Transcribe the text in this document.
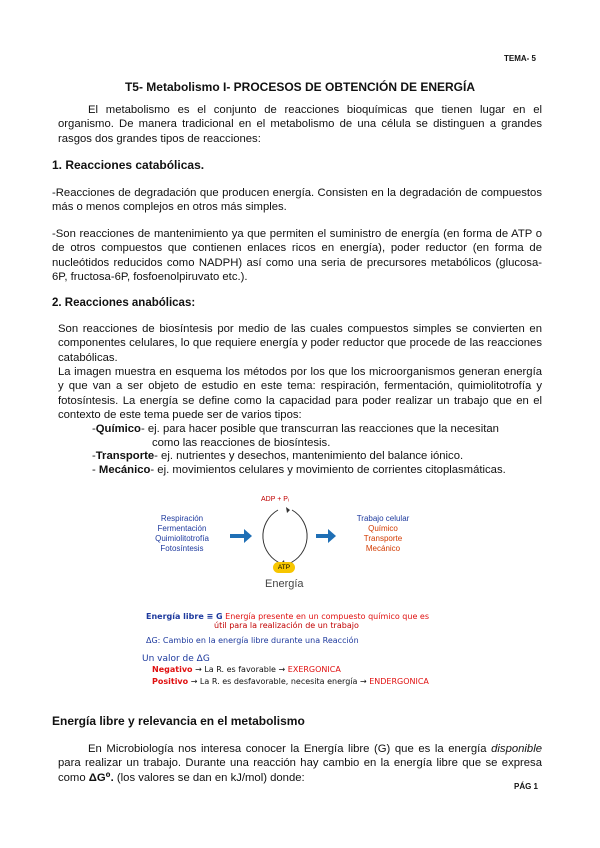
TEMA- 5
T5- Metabolismo I- PROCESOS DE OBTENCIÓN DE ENERGÍA
El metabolismo es el conjunto de reacciones bioquímicas que tienen lugar en el organismo. De manera tradicional en el metabolismo de una célula se distinguen a grandes rasgos dos grandes tipos de reacciones:
1. Reacciones catabólicas.
-Reacciones de degradación que producen energía. Consisten en la degradación de compuestos más o menos complejos en otros más simples.
-Son reacciones de mantenimiento ya que permiten el suministro de energía (en forma de ATP o de otros compuestos que contienen enlaces ricos en energía), poder reductor (en forma de nucleótidos reducidos como NADPH) así como una seria de precursores metabólicos (glucosa-6P, fructosa-6P, fosfoenolpiruvato etc.).
2. Reacciones anabólicas:
Son reacciones de biosíntesis por medio de las cuales compuestos simples se convierten en componentes celulares, lo que requiere energía y poder reductor que procede de las reacciones catabólicas.
La imagen muestra en esquema los métodos por los que los microorganismos generan energía y que van a ser objeto de estudio en este tema: respiración, fermentación, quimiolitotrofía y fotosíntesis. La energía se define como la capacidad para poder realizar un trabajo que en el contexto de este tema puede ser de varios tipos:
-Químico- ej. para hacer posible que transcurran las reacciones que la necesitan
como las reacciones de biosíntesis.
-Transporte- ej. nutrientes y desechos, mantenimiento del balance iónico.
- Mecánico- ej. movimientos celulares y movimiento de corrientes citoplasmáticas.
Respiración
Fermentación
Quimiolitotrofía
Fotosíntesis
ADP + Pᵢ
ATP
Energía
Trabajo celular
Químico
Transporte
Mecánico
Energía libre ≡ G Energía presente en un compuesto químico que es
útil para la realización de un trabajo
ΔG: Cambio en la energía libre durante una Reacción
Un valor de ΔG
Negativo → La R. es favorable → EXERGONICA
Positivo → La R. es desfavorable, necesita energía → ENDERGONICA
Energía libre y relevancia en el metabolismo
En Microbiología nos interesa conocer la Energía libre (G) que es la energía disponible para realizar un trabajo. Durante una reacción hay cambio en la energía libre que se expresa como ΔG⁰. (los valores se dan en kJ/mol) donde:
PÁG 1
